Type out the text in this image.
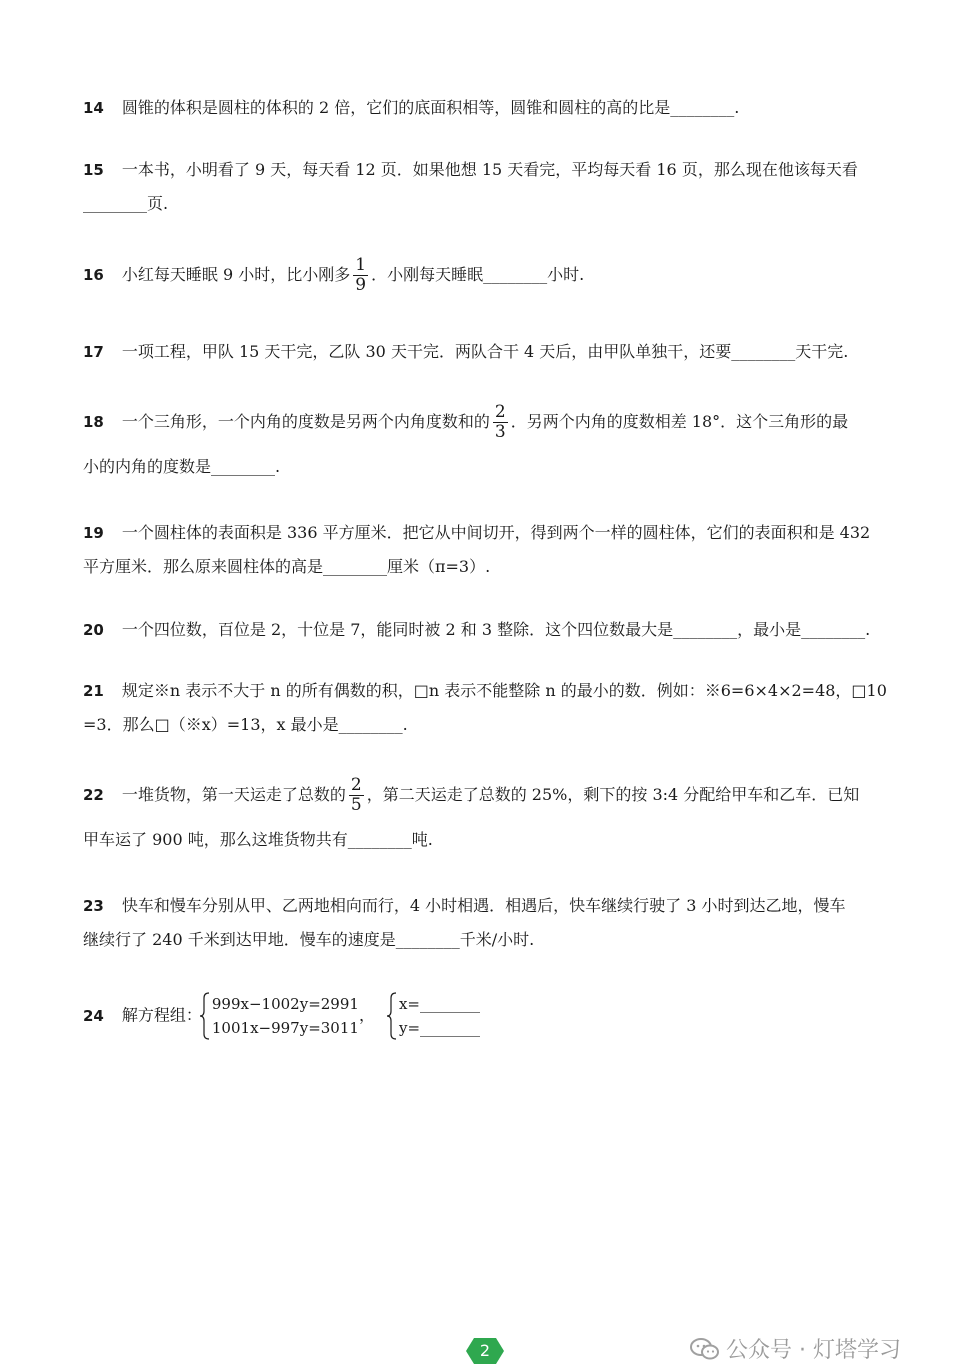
14 圆锥的体积是圆柱的体积的 2 倍，它们的底面积相等，圆锥和圆柱的高的比是________.
15 一本书，小明看了 9 天，每天看 12 页．如果他想 15 天看完，平均每天看 16 页，那么现在他该每天看
________页.
16 小红每天睡眠 9 小时，比小刚多 $\frac{1}{9}$ ．小刚每天睡眠________小时.
17 一项工程，甲队 15 天干完，乙队 30 天干完．两队合干 4 天后，由甲队单独干，还要________天干完.
18 一个三角形，一个内角的度数是另两个内角度数和的 $\frac{2}{3}$ ．另两个内角的度数相差 18°．这个三角形的最
小的内角的度数是________.
19 一个圆柱体的表面积是 336 平方厘米．把它从中间切开，得到两个一样的圆柱体，它们的表面积和是 432
平方厘米．那么原来圆柱体的高是________厘米（π=3）.
20 一个四位数，百位是 2，十位是 7，能同时被 2 和 3 整除．这个四位数最大是________，最小是________.
21 规定※n 表示不大于 n 的所有偶数的积，□n 表示不能整除 n 的最小的数．例如：※6=6×4×2=48，□10
=3．那么□（※x）=13，x 最小是________.
22 一堆货物，第一天运走了总数的 $\frac{2}{5}$ ，第二天运走了总数的 25%，剩下的按 3:4 分配给甲车和乙车．已知
甲车运了 900 吨，那么这堆货物共有________吨.
23 快车和慢车分别从甲、乙两地相向而行，4 小时相遇．相遇后，快车继续行驶了 3 小时到达乙地，慢车
继续行了 240 千米到达甲地．慢车的速度是________千米/小时.
24 解方程组：
999x−1002y=2991
1001x−997y=3011
，
x=________
y=________
2	公众号 · 灯塔学习
